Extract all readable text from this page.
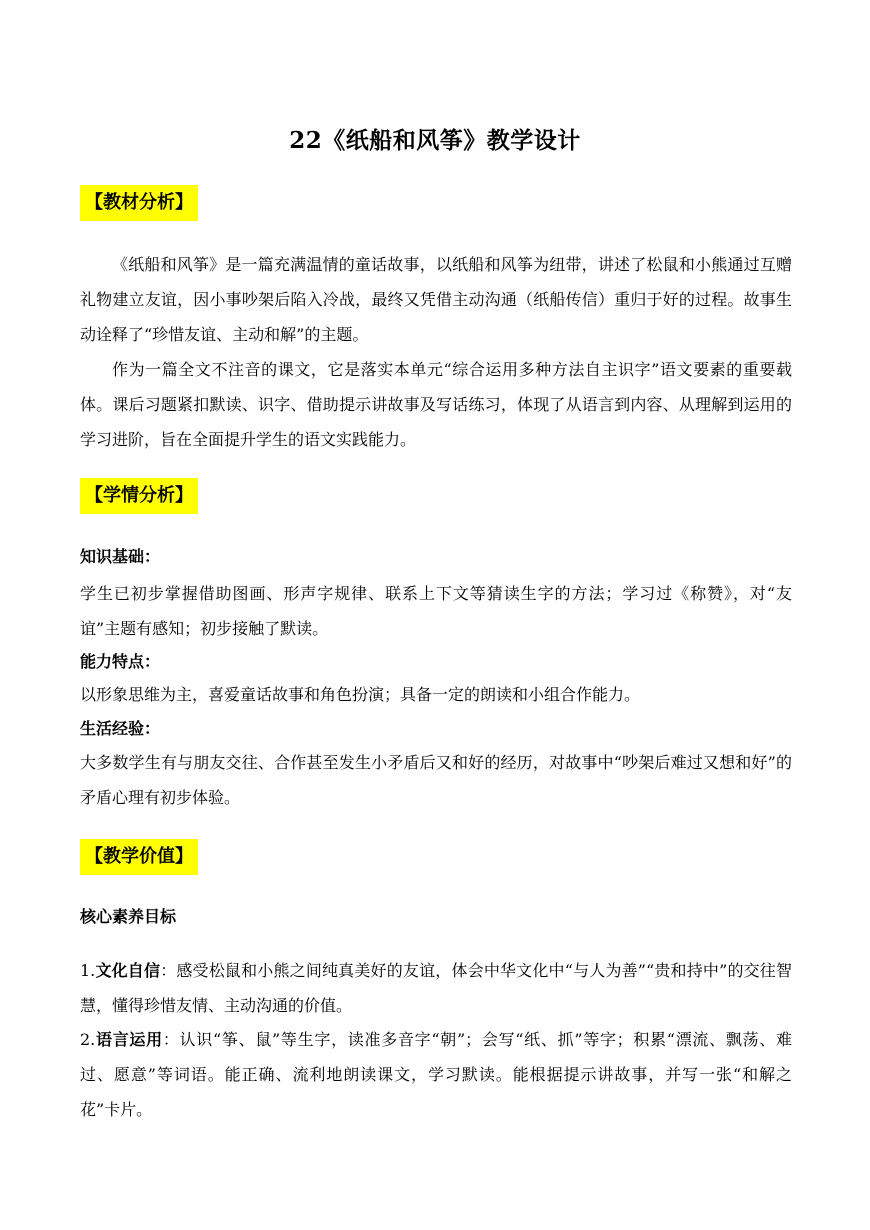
22《纸船和风筝》教学设计
【教材分析】

《纸船和风筝》是一篇充满温情的童话故事，以纸船和风筝为纽带，讲述了松鼠和小熊通过互赠礼物建立友谊，因小事吵架后陷入冷战，最终又凭借主动沟通（纸船传信）重归于好的过程。故事生动诠释了“珍惜友谊、主动和解”的主题。

作为一篇全文不注音的课文，它是落实本单元“综合运用多种方法自主识字”语文要素的重要载体。课后习题紧扣默读、识字、借助提示讲故事及写话练习，体现了从语言到内容、从理解到运用的学习进阶，旨在全面提升学生的语文实践能力。

【学情分析】
知识基础：

学生已初步掌握借助图画、形声字规律、联系上下文等猜读生字的方法；学习过《称赞》，对“友谊”主题有感知；初步接触了默读。

能力特点：

以形象思维为主，喜爱童话故事和角色扮演；具备一定的朗读和小组合作能力。

生活经验：

大多数学生有与朋友交往、合作甚至发生小矛盾后又和好的经历，对故事中“吵架后难过又想和好”的矛盾心理有初步体验。

【教学价值】
核心素养目标

1.文化自信：感受松鼠和小熊之间纯真美好的友谊，体会中华文化中“与人为善”“贵和持中”的交往智慧，懂得珍惜友情、主动沟通的价值。

2.语言运用：认识“筝、鼠”等生字，读准多音字“朝”；会写“纸、抓”等字；积累“漂流、飘荡、难过、愿意”等词语。能正确、流利地朗读课文，学习默读。能根据提示讲故事，并写一张“和解之花”卡片。
